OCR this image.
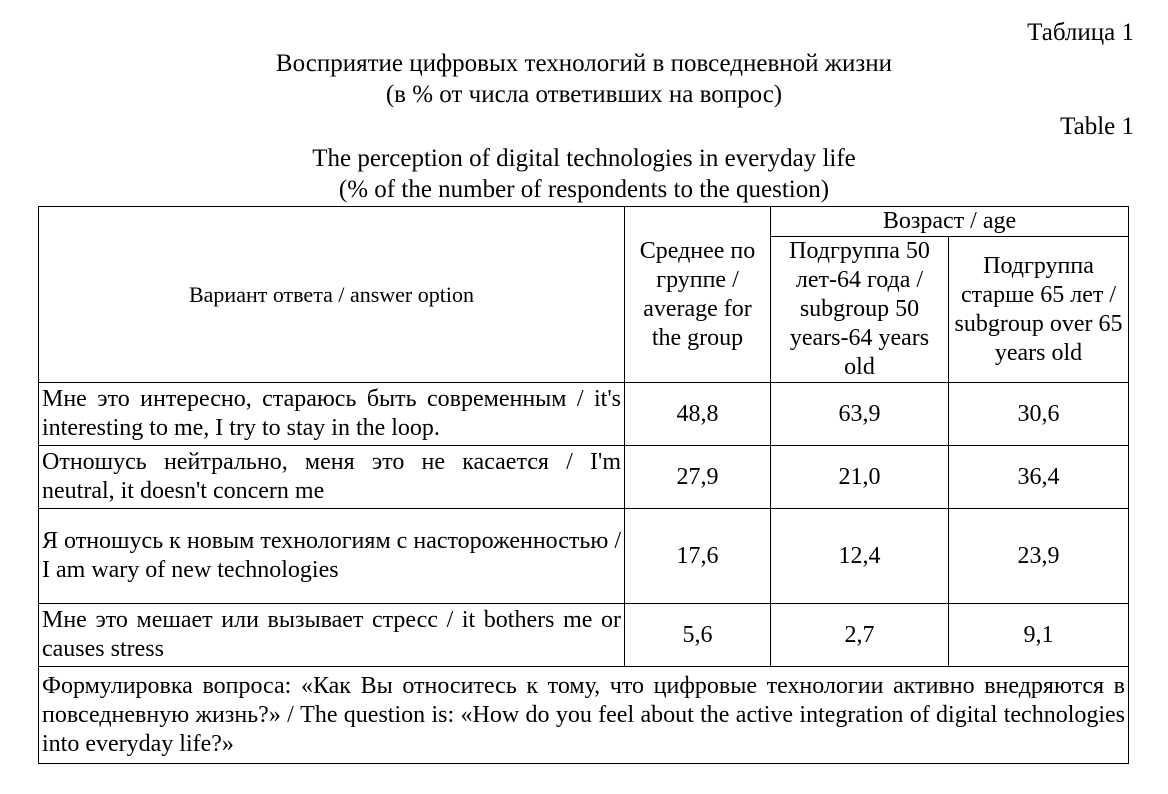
Таблица 1
Восприятие цифровых технологий в повседневной жизни
(в % от числа ответивших на вопрос)
Table 1
The perception of digital technologies in everyday life
(% of the number of respondents to the question)
Вариант ответа / answer option	Среднее по группе / average for the group	Возраст / age	
		Подгруппа 50 лет-64 года / subgroup 50 years-64 years old	Подгруппа старше 65 лет / subgroup over 65 years old
Мне это интересно, стараюсь быть современным / it's interesting to me, I try to stay in the loop.	48,8	63,9	30,6
Отношусь нейтрально, меня это не касается / I'm neutral, it doesn't concern me	27,9	21,0	36,4
Я отношусь к новым технологиям с настороженностью / I am wary of new technologies	17,6	12,4	23,9
Мне это мешает или вызывает стресс / it bothers me or causes stress	5,6	2,7	9,1
Формулировка вопроса: «Как Вы относитесь к тому, что цифровые технологии активно внедряются в повседневную жизнь?» / The question is: «How do you feel about the active integration of digital technologies into everyday life?»			
